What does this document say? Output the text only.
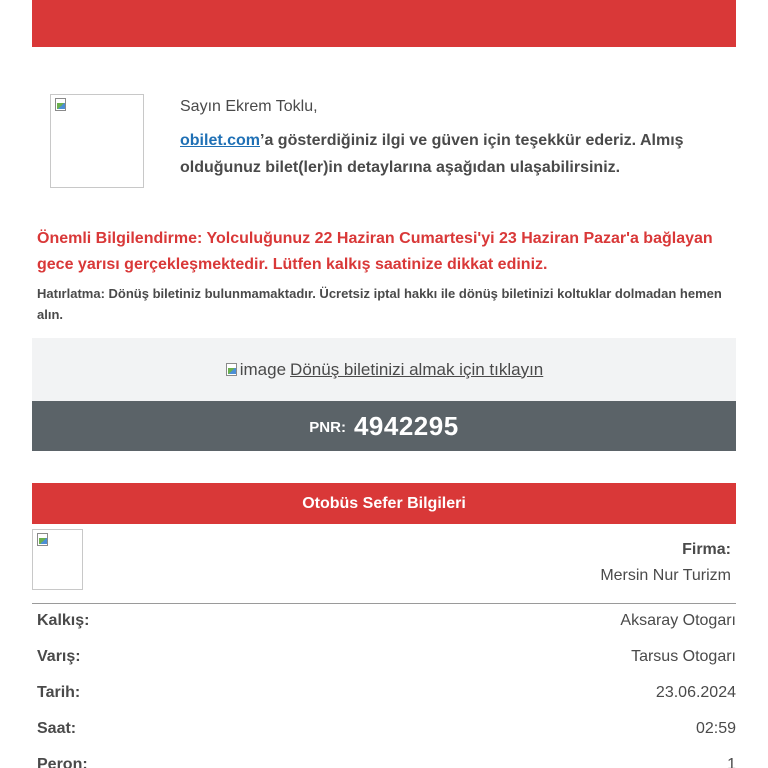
Sayın Ekrem Toklu,
obilet.com’a gösterdiğiniz ilgi ve güven için teşekkür ederiz. Almış olduğunuz bilet(ler)in detaylarına aşağıdan ulaşabilirsiniz.
Önemli Bilgilendirme: Yolculuğunuz 22 Haziran Cumartesi'yi 23 Haziran Pazar'a bağlayan gece yarısı gerçekleşmektedir. Lütfen kalkış saatinize dikkat ediniz.
Hatırlatma: Dönüş biletiniz bulunmamaktadır. Ücretsiz iptal hakkı ile dönüş biletinizi koltuklar dolmadan hemen alın.
image Dönüş biletinizi almak için tıklayın
PNR: 4942295
Otobüs Sefer Bilgileri
Firma:
Mersin Nur Turizm
Kalkış:	Aksaray Otogarı
Varış:	Tarsus Otogarı
Tarih:	23.06.2024
Saat:	02:59
Peron:	1
